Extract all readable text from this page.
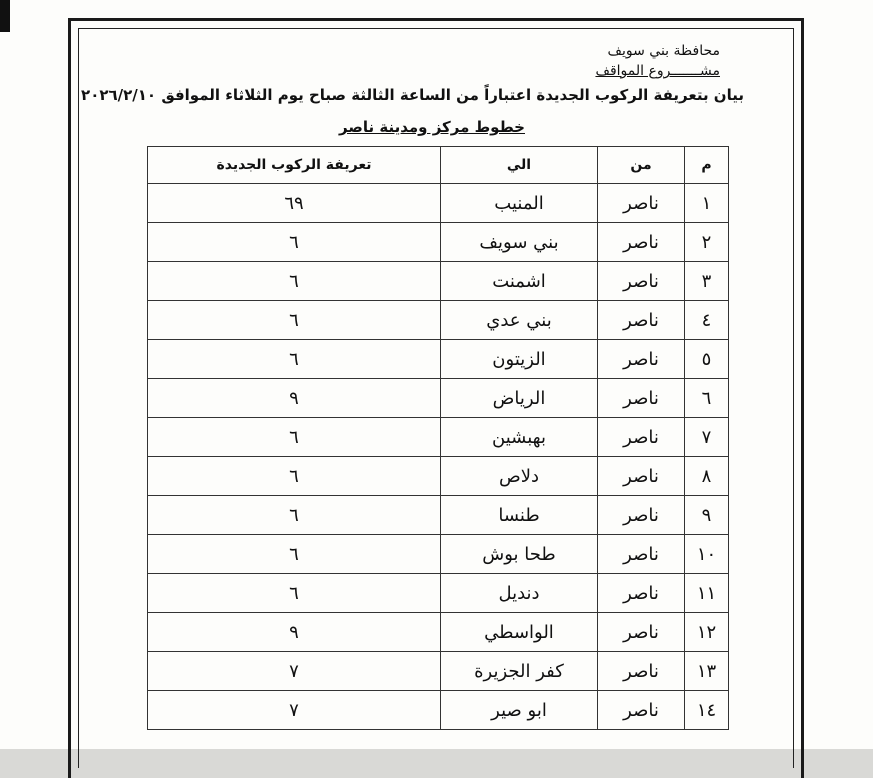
محافظة بني سويف
مشـــــــروع المواقف
بيان بتعريفة الركوب الجديدة اعتباراً من الساعة الثالثة صباح يوم الثلاثاء الموافق ٢٠٢٦/٢/١٠
خطوط مركز ومدينة ناصر
م	من	الي	تعريفة الركوب الجديدة
١	ناصر	المنيب	٦٩
٢	ناصر	بني سويف	٦
٣	ناصر	اشمنت	٦
٤	ناصر	بني عدي	٦
٥	ناصر	الزيتون	٦
٦	ناصر	الرياض	٩
٧	ناصر	بهبشين	٦
٨	ناصر	دلاص	٦
٩	ناصر	طنسا	٦
١٠	ناصر	طحا بوش	٦
١١	ناصر	دنديل	٦
١٢	ناصر	الواسطي	٩
١٣	ناصر	كفر الجزيرة	٧
١٤	ناصر	ابو صير	٧
